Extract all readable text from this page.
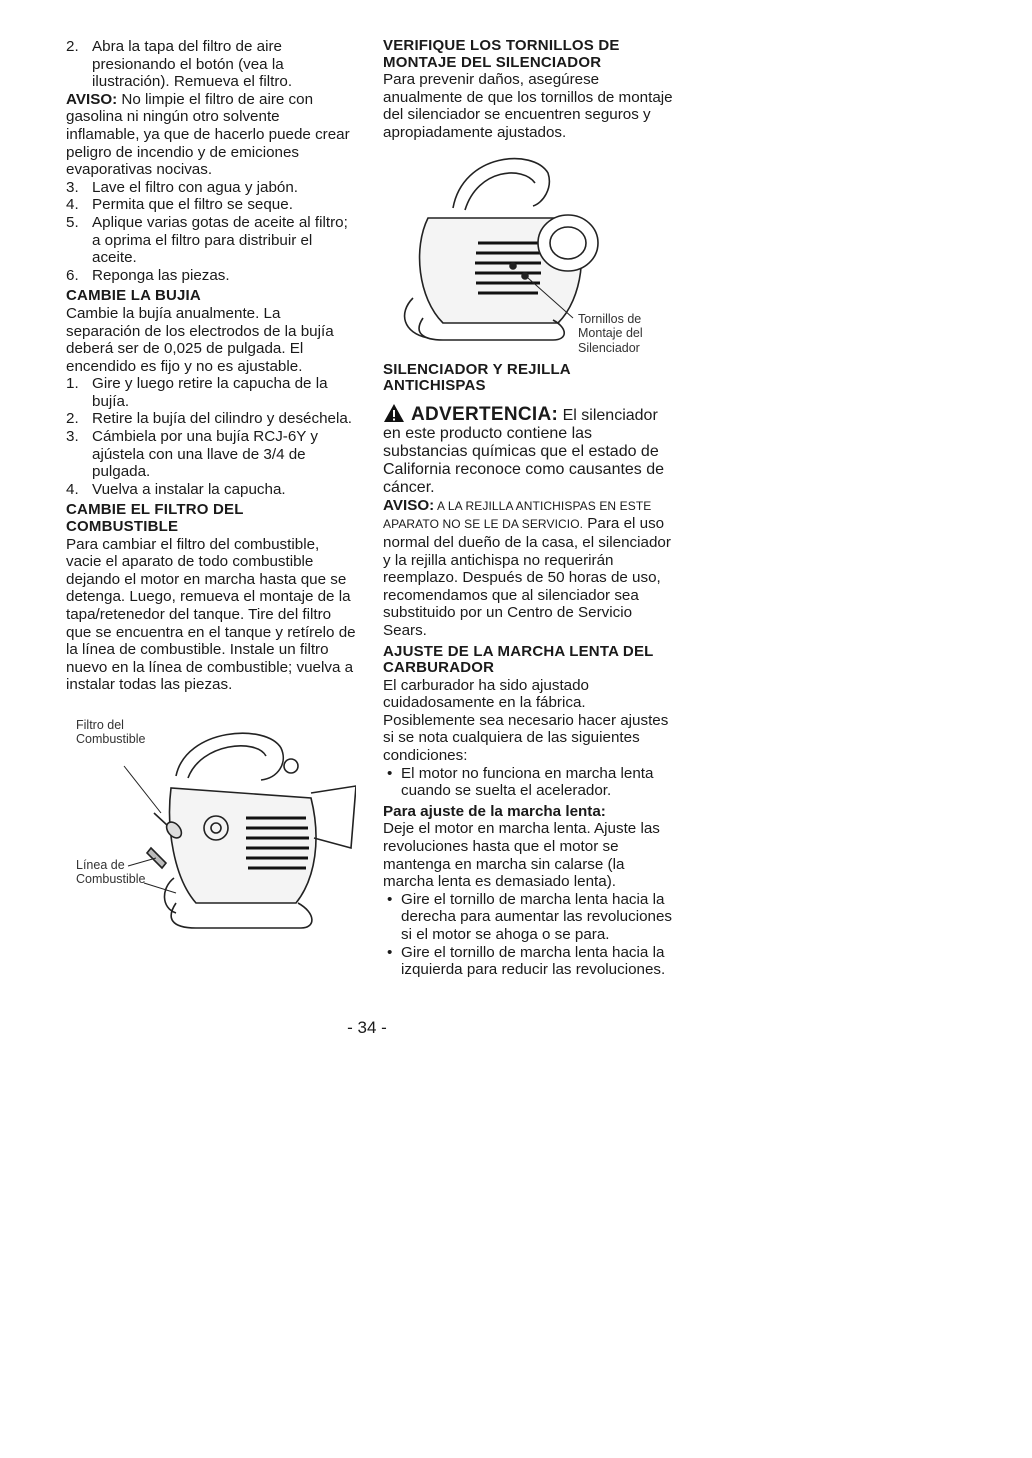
2. Abra la tapa del filtro de aire presionando el botón (vea la ilustración). Remueva el filtro.

AVISO: No limpie el filtro de aire con gasolina ni ningún otro solvente inflamable, ya que de hacerlo puede crear peligro de incendio y de emiciones evaporativas nocivas.

3. Lave el filtro con agua y jabón.
4. Permita que el filtro se seque.
5. Aplique varias gotas de aceite al filtro; a oprima el filtro para distribuir el aceite.
6. Reponga las piezas.
CAMBIE LA BUJIA

Cambie la bujía anualmente. La separación de los electrodos de la bujía deberá ser de 0,025 de pulgada. El encendido es fijo y no es ajustable.

1. Gire y luego retire la capucha de la bujía.
2. Retire la bujía del cilindro y deséchela.
3. Cámbiela por una bujía RCJ-6Y y ajústela con una llave de 3/4 de pulgada.
4. Vuelva a instalar la capucha.
CAMBIE EL FILTRO DEL COMBUSTIBLE

Para cambiar el filtro del combustible, vacie el aparato de todo combustible dejando el motor en marcha hasta que se detenga. Luego, remueva el montaje de la tapa/retenedor del tanque. Tire del filtro que se encuentra en el tanque y retírelo de la línea de combustible. Instale un filtro nuevo en la línea de combustible; vuelva a instalar todas las piezas.

Filtro del Combustible
Línea de Combustible
VERIFIQUE LOS TORNILLOS DE MONTAJE DEL SILENCIADOR

Para prevenir daños, asegúrese anualmente de que los tornillos de montaje del silenciador se encuentren seguros y apropiadamente ajustados.

Tornillos de Montaje del Silenciador
SILENCIADOR Y REJILLA ANTICHISPAS

ADVERTENCIA: El silenciador en este producto contiene las substancias químicas que el estado de California reconoce como causantes de cáncer.

AVISO: A LA REJILLA ANTICHISPAS EN ESTE APARATO NO SE LE DA SERVICIO. Para el uso normal del dueño de la casa, el silenciador y la rejilla antichispa no requerirán reemplazo. Después de 50 horas de uso, recomendamos que al silenciador sea substituido por un Centro de Servicio Sears.

AJUSTE DE LA MARCHA LENTA DEL CARBURADOR

El carburador ha sido ajustado cuidadosamente en la fábrica. Posiblemente sea necesario hacer ajustes si se nota cualquiera de las siguientes condiciones:

• El motor no funciona en marcha lenta cuando se suelta el acelerador.

Para ajuste de la marcha lenta:

Deje el motor en marcha lenta. Ajuste las revoluciones hasta que el motor se mantenga en marcha sin calarse (la marcha lenta es demasiado lenta).

• Gire el tornillo de marcha lenta hacia la derecha para aumentar las revoluciones si el motor se ahoga o se para.
• Gire el tornillo de marcha lenta hacia la izquierda para reducir las revoluciones.
- 34 -
